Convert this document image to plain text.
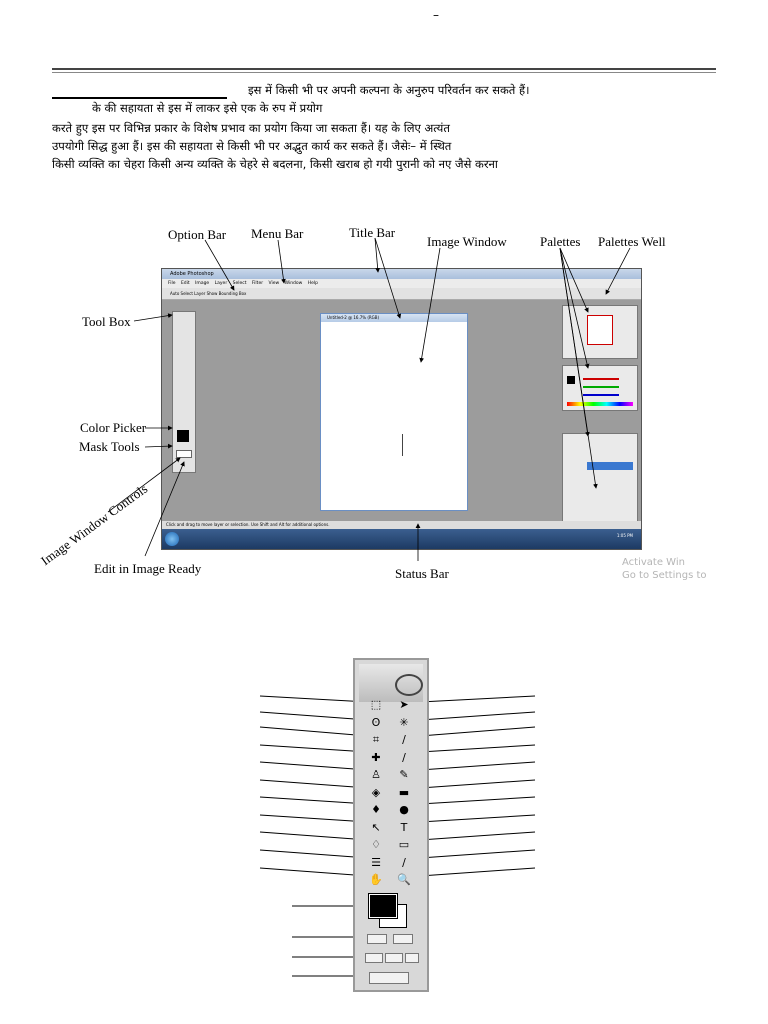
–
इस में किसी भी पर अपनी कल्पना के अनुरुप परिवर्तन कर सकते हैं।
के की सहायता से इस में लाकर इसे एक के रुप में प्रयोग
करते हुए इस पर विभिन्न प्रकार के विशेष प्रभाव का प्रयोग किया जा सकता हैं। यह के लिए अत्यंत
उपयोगी सिद्ध हुआ हैं। इस की सहायता से किसी भी पर अद्भुत कार्य कर सकते हैं। जैसेः– में स्थित
किसी व्यक्ति का चेहरा किसी अन्य व्यक्ति के चेहरे से बदलना, किसी खराब हो गयी पुरानी को नए जैसे करना
Option Bar Menu Bar	Title Bar
Image Window	Palettes Palettes Well
Tool Box
Color Picker
Mask Tools
Image Window Controls
Edit in Image Ready	Status Bar
Adobe Photoshop
File Edit Image Layer Select Filter View Window Help
Auto Select Layer Show Bounding Box
Untitled-2 @ 16.7% (RGB)
Click and drag to move layer or selection. Use Shift and Alt for additional options.
1:05 PM
Activate Win
Go to Settings to
⬚	➤
ʘ	✳
⌗	∕
✚	∕
♙	✎
◈	▬
♦	●
↖	T
♢	▭
☰	∕
✋	🔍
